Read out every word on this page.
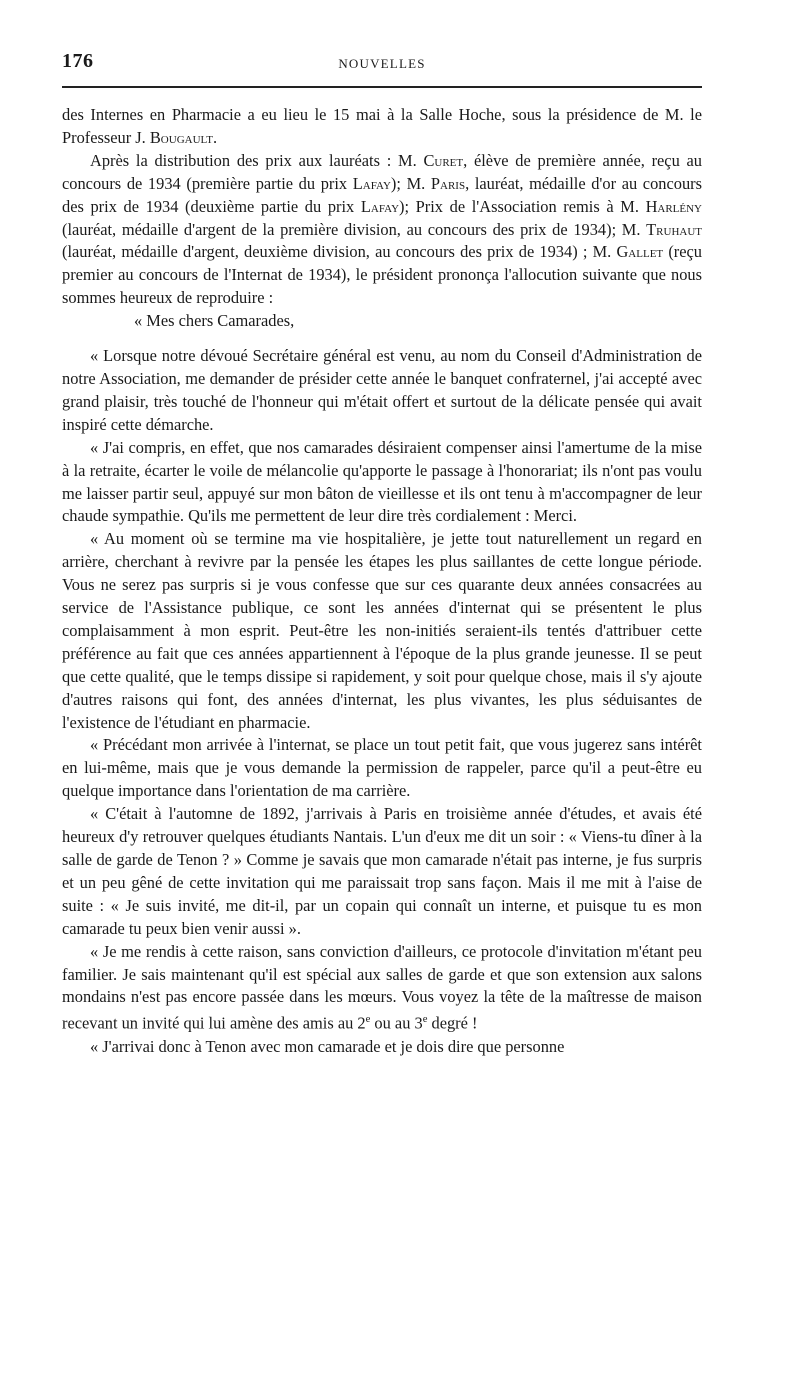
176	NOUVELLES

des Internes en Pharmacie a eu lieu le 15 mai à la Salle Hoche, sous la présidence de M. le Professeur J. Bougault.

Après la distribution des prix aux lauréats : M. Curet, élève de première année, reçu au concours de 1934 (première partie du prix Lafay); M. Paris, lauréat, médaille d'or au concours des prix de 1934 (deuxième partie du prix Lafay); Prix de l'Association remis à M. Harlény (lauréat, médaille d'argent de la première division, au concours des prix de 1934); M. Truhaut (lauréat, médaille d'argent, deuxième division, au concours des prix de 1934) ; M. Gallet (reçu premier au concours de l'Internat de 1934), le président prononça l'allocution suivante que nous sommes heureux de reproduire :

« Mes chers Camarades,

« Lorsque notre dévoué Secrétaire général est venu, au nom du Conseil d'Administration de notre Association, me demander de présider cette année le banquet confraternel, j'ai accepté avec grand plaisir, très touché de l'honneur qui m'était offert et surtout de la délicate pensée qui avait inspiré cette démarche.

« J'ai compris, en effet, que nos camarades désiraient compenser ainsi l'amertume de la mise à la retraite, écarter le voile de mélancolie qu'apporte le passage à l'honorariat; ils n'ont pas voulu me laisser partir seul, appuyé sur mon bâton de vieillesse et ils ont tenu à m'accompagner de leur chaude sympathie. Qu'ils me permettent de leur dire très cordialement : Merci.

« Au moment où se termine ma vie hospitalière, je jette tout naturellement un regard en arrière, cherchant à revivre par la pensée les étapes les plus saillantes de cette longue période. Vous ne serez pas surpris si je vous confesse que sur ces quarante deux années consacrées au service de l'Assistance publique, ce sont les années d'internat qui se présentent le plus complaisamment à mon esprit. Peut-être les non-initiés seraient-ils tentés d'attribuer cette préférence au fait que ces années appartiennent à l'époque de la plus grande jeunesse. Il se peut que cette qualité, que le temps dissipe si rapidement, y soit pour quelque chose, mais il s'y ajoute d'autres raisons qui font, des années d'internat, les plus vivantes, les plus séduisantes de l'existence de l'étudiant en pharmacie.

« Précédant mon arrivée à l'internat, se place un tout petit fait, que vous jugerez sans intérêt en lui-même, mais que je vous demande la permission de rappeler, parce qu'il a peut-être eu quelque importance dans l'orientation de ma carrière.

« C'était à l'automne de 1892, j'arrivais à Paris en troisième année d'études, et avais été heureux d'y retrouver quelques étudiants Nantais. L'un d'eux me dit un soir : « Viens-tu dîner à la salle de garde de Tenon ? » Comme je savais que mon camarade n'était pas interne, je fus surpris et un peu gêné de cette invitation qui me paraissait trop sans façon. Mais il me mit à l'aise de suite : « Je suis invité, me dit-il, par un copain qui connaît un interne, et puisque tu es mon camarade tu peux bien venir aussi ».

« Je me rendis à cette raison, sans conviction d'ailleurs, ce protocole d'invitation m'étant peu familier. Je sais maintenant qu'il est spécial aux salles de garde et que son extension aux salons mondains n'est pas encore passée dans les mœurs. Vous voyez la tête de la maîtresse de maison recevant un invité qui lui amène des amis au 2e ou au 3e degré !

« J'arrivai donc à Tenon avec mon camarade et je dois dire que personne
